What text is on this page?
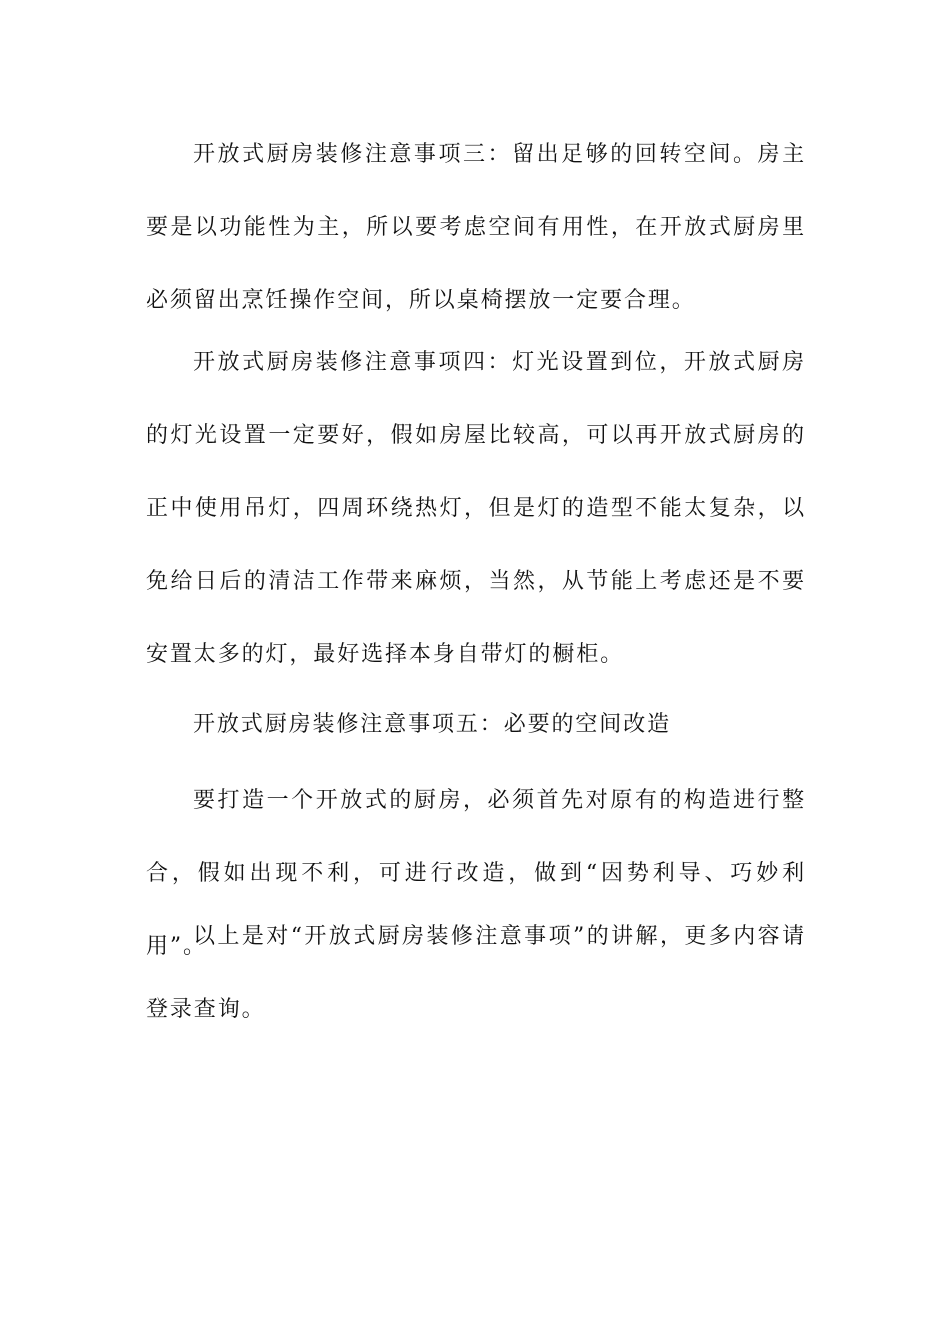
开放式厨房装修注意事项三：留出足够的回转空间。房主要是以功能性为主，所以要考虑空间有用性，在开放式厨房里必须留出烹饪操作空间，所以桌椅摆放一定要合理。

开放式厨房装修注意事项四：灯光设置到位，开放式厨房的灯光设置一定要好，假如房屋比较高，可以再开放式厨房的正中使用吊灯，四周环绕热灯，但是灯的造型不能太复杂，以免给日后的清洁工作带来麻烦，当然，从节能上考虑还是不要安置太多的灯，最好选择本身自带灯的橱柜。

开放式厨房装修注意事项五：必要的空间改造

要打造一个开放式的厨房，必须首先对原有的构造进行整合，假如出现不利，可进行改造，做到“因势利导、巧妙利用”。

以上是对“开放式厨房装修注意事项”的讲解，更多内容请登录查询。
